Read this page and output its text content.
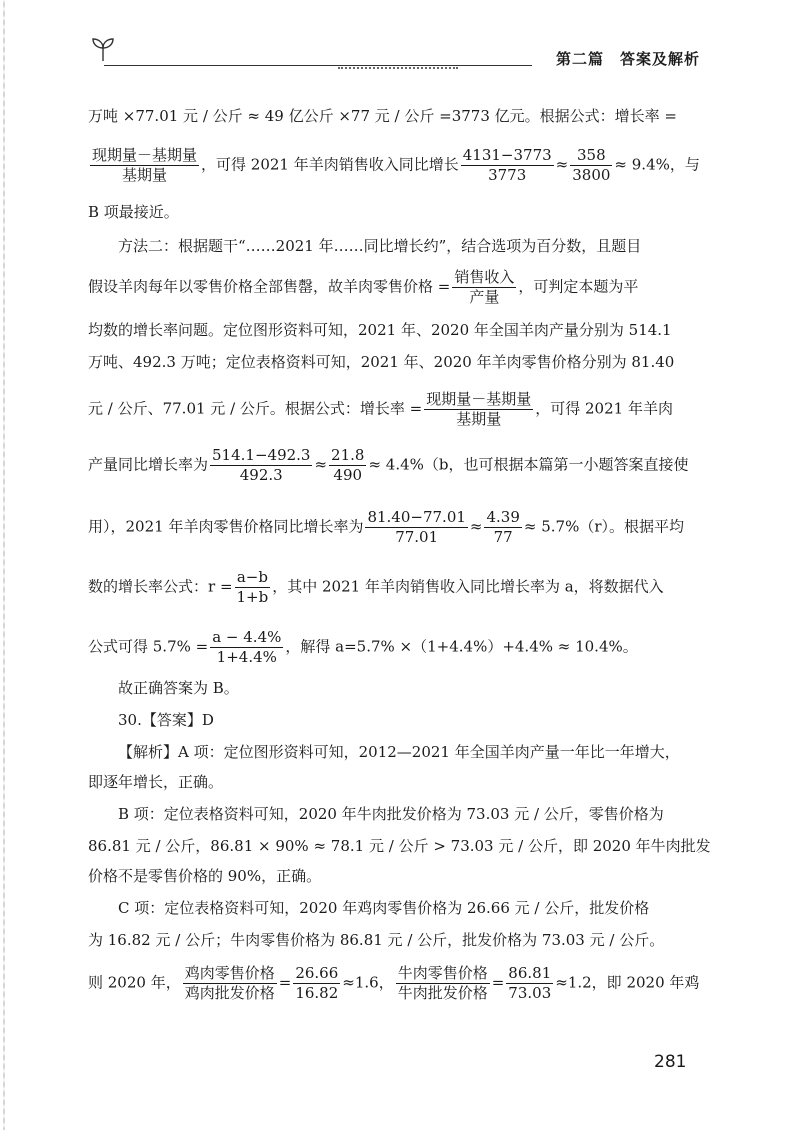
第二篇　答案及解析
万吨 ×77.01 元 / 公斤 ≈ 49 亿公斤 ×77 元 / 公斤 =3773 亿元。根据公式：增长率 =
$\frac{\text{现期量－基期量}}{\text{基期量}}$ ，可得 2021 年羊肉销售收入同比增长 $\frac{4131-3773}{3773} \approx \frac{358}{3800} \approx 9.4\%$，与
B 项最接近。
方法二：根据题干“……2021 年……同比增长约”，结合选项为百分数，且题目
假设羊肉每年以零售价格全部售罄，故羊肉零售价格 = $\frac{\text{销售收入}}{\text{产量}}$ ，可判定本题为平
均数的增长率问题。定位图形资料可知，2021 年、2020 年全国羊肉产量分别为 514.1
万吨、492.3 万吨；定位表格资料可知，2021 年、2020 年羊肉零售价格分别为 81.40
元 / 公斤、77.01 元 / 公斤。根据公式：增长率 = $\frac{\text{现期量－基期量}}{\text{基期量}}$ ，可得 2021 年羊肉
产量同比增长率为 $\frac{514.1-492.3}{492.3} \approx \frac{21.8}{490} \approx 4.4\%(b$，也可根据本篇第一小题答案直接使
用），2021 年羊肉零售价格同比增长率为 $\frac{81.40-77.01}{77.01} \approx \frac{4.39}{77} \approx 5.7\%(r)$。根据平均
数的增长率公式：$r = \frac{a-b}{1+b}$ ，其中 2021 年羊肉销售收入同比增长率为 a，将数据代入
公式可得 $5.7\% = \frac{a - 4.4\%}{1+4.4\%}$ ，解得 a=5.7% ×（1+4.4%）+4.4% ≈ 10.4%。
故正确答案为 B。
30.【答案】D
【解析】A 项：定位图形资料可知，2012—2021 年全国羊肉产量一年比一年增大，
即逐年增长，正确。
B 项：定位表格资料可知，2020 年牛肉批发价格为 73.03 元 / 公斤，零售价格为
86.81 元 / 公斤，86.81 × 90% ≈ 78.1 元 / 公斤 > 73.03 元 / 公斤，即 2020 年牛肉批发
价格不是零售价格的 90%，正确。
C 项：定位表格资料可知，2020 年鸡肉零售价格为 26.66 元 / 公斤，批发价格
为 16.82 元 / 公斤；牛肉零售价格为 86.81 元 / 公斤，批发价格为 73.03 元 / 公斤。
则 2020 年， $\frac{\text{鸡肉零售价格}}{\text{鸡肉批发价格}} = \frac{26.66}{16.82} \approx 1.6$， $\frac{\text{牛肉零售价格}}{\text{牛肉批发价格}} = \frac{86.81}{73.03} \approx 1.2$，即 2020 年鸡
281
